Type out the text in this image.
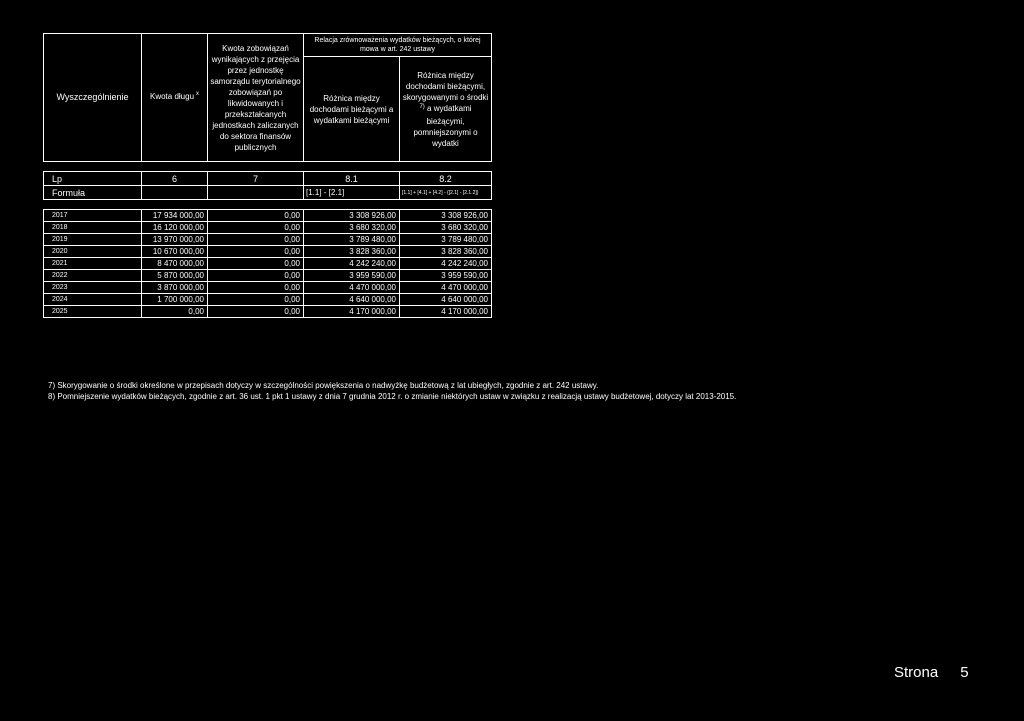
Wyszczególnienie	Kwota długu $^x$	Kwota zobowiązań wynikających z przejęcia przez jednostkę samorządu terytorialnego zobowiązań po likwidowanych i przekształcanych jednostkach zaliczanych do sektora finansów publicznych	Relacja zrównoważenia wydatków bieżących, o której mowa w art. 242 ustawy	
			Różnica między dochodami bieżącymi a wydatkami bieżącymi	Różnica między dochodami bieżącymi, skorygowanymi o środki $^{7)}$ a wydatkami bieżącymi, pomniejszonymi o wydatki

Lp	6	7	8.1	8.2
Formuła			[1.1] - [2.1]	[1.1] + [4.1] + [4.2] - ([2.1] - [2.1.2])

2017	17 934 000,00	0,00	3 308 926,00	3 308 926,00
2018	16 120 000,00	0,00	3 680 320,00	3 680 320,00
2019	13 970 000,00	0,00	3 789 480,00	3 789 480,00
2020	10 670 000,00	0,00	3 828 360,00	3 828 360,00
2021	8 470 000,00	0,00	4 242 240,00	4 242 240,00
2022	5 870 000,00	0,00	3 959 590,00	3 959 590,00
2023	3 870 000,00	0,00	4 470 000,00	4 470 000,00
2024	1 700 000,00	0,00	4 640 000,00	4 640 000,00
2025	0,00	0,00	4 170 000,00	4 170 000,00
7) Skorygowanie o środki określone w przepisach dotyczy w szczególności powiększenia o nadwyżkę budżetową z lat ubiegłych, zgodnie z art. 242 ustawy.
8) Pomniejszenie wydatków bieżących, zgodnie z art. 36 ust. 1 pkt 1 ustawy z dnia 7 grudnia 2012 r. o zmianie niektórych ustaw w związku z realizacją ustawy budżetowej, dotyczy lat 2013-2015.
Strona 5
